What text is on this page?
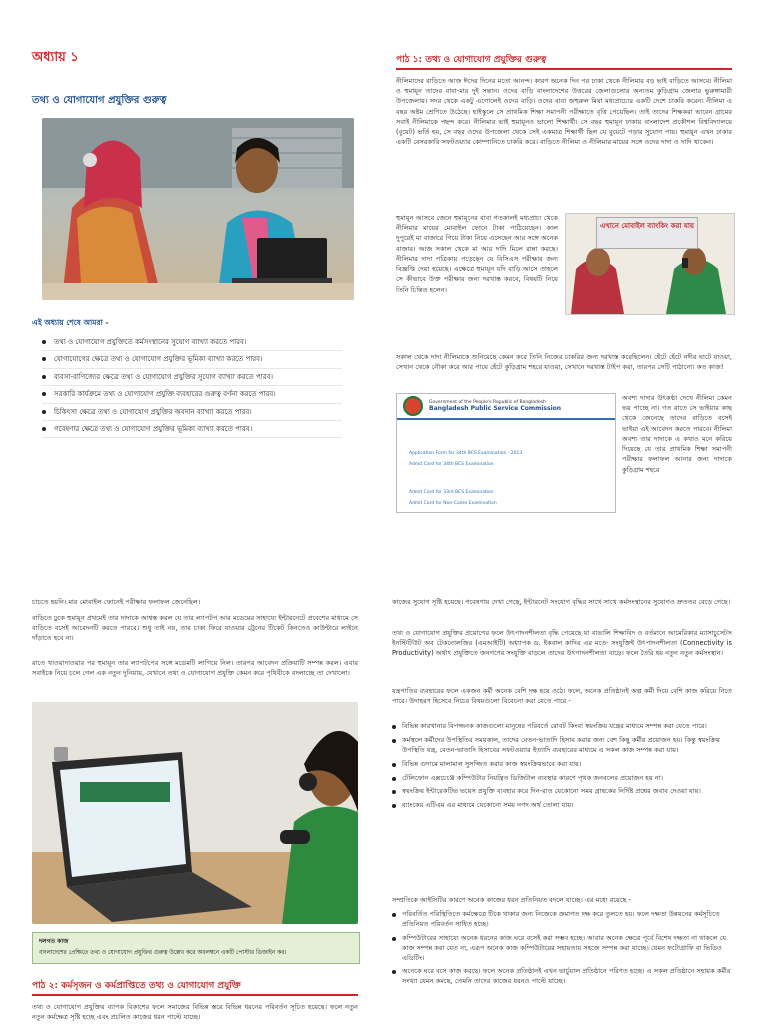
অধ্যায় ১
তথ্য ও যোগাযোগ প্রযুক্তির গুরুত্ব
এই অধ্যায় শেষে আমরা -
তথ্য ও যোগাযোগ প্রযুক্তিতে কর্মসংস্থানের সুযোগ ব্যাখ্যা করতে পারব।
যোগাযোগের ক্ষেত্রে তথ্য ও যোগাযোগ প্রযুক্তির ভূমিকা ব্যাখ্যা করতে পারব।
ব্যবসা-বাণিজ্যের ক্ষেত্রে তথ্য ও যোগাযোগ প্রযুক্তির সুযোগ ব্যাখ্যা করতে পারব।
সরকারি কার্যক্রমে তথ্য ও যোগাযোগ প্রযুক্তি ব্যবহারের গুরুত্ব বর্ণনা করতে পারব।
চিকিৎসা ক্ষেত্রে তথ্য ও যোগাযোগ প্রযুক্তির অবদান ব্যাখ্যা করতে পারব।
গবেষণার ক্ষেত্রে তথ্য ও যোগাযোগ প্রযুক্তির ভূমিকা ব্যাখ্যা করতে পারব।
পাঠ ১: তথ্য ও যোগাযোগ প্রযুক্তির গুরুত্ব

নীলিমাদের বাড়িতে আজ ঈদের দিনের মতো আনন্দ। কারণ অনেক দিন পর ঢাকা থেকে নীলিমার বড় ভাই বাড়িতে আসবে। নীলিমা ও হুমায়ূন তাদের বাবা-মার দুই সন্তান। ওদের বাড়ি বাংলাদেশের উত্তরের জেলাগুলোর অন্যতম কুড়িগ্রাম জেলার ভুরুঙ্গামারী উপজেলায়। সদর থেকে একটু এগোলেই ওদের বাড়ি। ওদের বাবা জহুরুল মিয়া মধ্যপ্রাচ্যের একটি দেশে চাকরি করেন। নীলিমা এ বছর অষ্টম শ্রেণিতে উঠেছে। হাইস্কুলে সে প্রাথমিক শিক্ষা সমাপনী পরীক্ষাতে বৃত্তি পেয়েছিল। তাই তাদের শিক্ষকরা ভাবেন গ্রামের সবাই নীলিমাকে পছন্দ করে। নীলিমার ভাই হুমায়ূনও ভালো শিক্ষার্থী। সে বছর হুমায়ূন ঢাকায় বাংলাদেশ প্রকৌশল বিশ্ববিদ্যালয়ে (বুয়েট) ভর্তি হয়, সে বছর ওদের উপজেলা থেকে সেই একমাত্র শিক্ষার্থী ছিল যে বুয়েটে পড়ার সুযোগ পায়। হুমায়ূন এখন ঢাকার একটি বেসরকারি সফটওয়্যার কোম্পানিতে চাকরি করে। বাড়িতে নীলিমা ও নীলিমার মায়ের সঙ্গে ওদের দাদা ও দাদি থাকেন।

হুমায়ূন আসবে জেনে হুমায়ূনের বাবা গতকালই মধ্যপ্রাচ্য থেকে নীলিমার মায়ের মোবাইল ফোনে টাকা পাঠিয়েছেন। কাল দুপুরেই মা বাজারে গিয়ে টাকা নিয়ে এসেছেন আর সঙ্গে অনেক বাজার। আজ সকাল থেকে মা আর দাদি মিলে রান্না করছে। নীলিমার দাদা পত্রিকায় পড়েছেন যে বিসিএস পরীক্ষার জন্য বিজ্ঞপ্তি দেয়া হয়েছে। এক্ষেত্রে হুমায়ূন যদি বাড়ি আসে তাহলে সে কীভাবে উক্ত পরীক্ষার জন্য দরখাস্ত করবে, বিষয়টি নিয়ে তিনি চিন্তিত হলেন।

এখানে মোবাইল ব্যাংকিং করা যায়

সকাল থেকে দাদা নীলিমাকে শুনিয়েছে কেমন করে তিনি নিজের চাকরির জন্য দরখাস্ত করেছিলেন। হেঁটে হেঁটে নদীর ঘাটে যাওয়া, সেখান থেকে নৌকা করে আর পায়ে হেঁটে কুড়িগ্রাম শহরে যাওয়া, সেখানে দরখাস্ত টাইপ করা, তারপর সেটি পাঠানো। কত কাজ!

Government of the People's Republic of Bangladesh
Bangladesh Public Service Commission
Application Form for 34th BCS Examination - 2013
Admit Card for 34th BCS Examination
Admit Card for 33rd BCS Examination
Admit Card for Non-Cadre Examination

অবশ্য দাদার উৎকণ্ঠা দেখে নীলিমা কেমন ভয় পাচ্ছে না। গত রাতে সে ভাইয়ার কাছ থেকে জেনেছে তাদের বাড়িতে বসেই ভাইয়া এই আবেদন করতে পারবে। নীলিমা অবশ্য তার দাদাকে এ কথাও মনে করিয়ে দিয়েছে যে তার প্রাথমিক শিক্ষা সমাপনী পরীক্ষার ফলাফল আনার জন্য দাদাকে কুড়িগ্রাম শহরে

চাচতে হয়নি। মার মোবাইল ফোনেই পরীক্ষার ফলাফল জেনেছিল।

বাড়িতে ঢুকে হুমায়ূন প্রথমেই তার দাদাকে আশ্বস্ত করল যে তার ল্যাপটপ আর মডেমের সাহায্যে ইন্টারনেটে প্রবেশের মাধ্যমে সে বাড়িতে বসেই আবেদনটি করতে পারবে। শুধু তাই নয়, তার চাকা ফিরে যাওয়ার ট্রেনের টিকেট কিনতেও কাউন্টারে লাইনে দাঁড়াতে হবে না।

রাতে খাওয়াদাওয়ার পর হুমায়ূন তার ল্যাপটপের সঙ্গে মডেমটি লাগিয়ে নিল। তারপর আবেদন প্রক্রিয়াটি সম্পন্ন করল। এবার সবাইকে নিয়ে চলে গেল এক নতুন দুনিয়ায়, যেখানে তথ্য ও যোগাযোগ প্রযুক্তি কেমন করে পৃথিবীকে বদলাচ্ছে তা দেখালো।

দলগত কাজ
বাংলাদেশের প্রেক্ষিতে তথ্য ও যোগাযোগ প্রযুক্তির গুরুত্ব উল্লেখ করে অবলম্বনে একটি পোস্টার ডিজাইন কর।
পাঠ ২: কর্মসৃজন ও কর্মপ্রাপ্তিতে তথ্য ও যোগাযোগ প্রযুক্তি

তথ্য ও যোগাযোগ প্রযুক্তির ব্যাপক বিকাশের ফলে সমাজের বিভিন্ন স্তরে বিভিন্ন ধরনের পরিবর্তন সূচিত হয়েছে। ফলে নতুন নতুন কর্মক্ষেত্র সৃষ্টি হচ্ছে এবং প্রচলিত কাজের ধরন পাল্টে যাচ্ছে।

কাজের সুযোগ সৃষ্টি হয়েছে। গবেষণায় দেখা গেছে, ইন্টারনেট সংযোগ বৃদ্ধির সাথে সাথে কর্মসংস্থানের সুযোগও দ্রুততর বেড়ে গেছে।

তথ্য ও যোগাযোগ প্রযুক্তির প্রয়োগের ফলে উৎপাদনশীলতা বৃদ্ধি পেয়েছে যা বাঙালি শিক্ষাবিদ ও বর্তমানে আমেরিকার ম্যাসাচুসেটস ইনস্টিটিউট অব টেকনোলজির (এমআইটি) অধ্যাপক ড. ইকবাল কাদির এর মতে- সংযুক্তিই উৎপাদনশীলতা (Connectivity is Productivity) অর্থাৎ প্রযুক্তিতে জনগণের সংযুক্তি বাড়লে তাদের উৎপাদনশীলতা বাড়ে। ফলে তৈরি হয় নতুন নতুন কর্মসংস্থান।

যন্ত্রপাতির ব্যবহারের ফলে একজন কর্মী অনেক বেশি দক্ষ হয়ে ওঠে। ফলে, অনেক প্রতিষ্ঠানই অল্প কর্মী দিয়ে বেশি কাজ করিয়ে নিতে পারে। উদাহরণ হিসেবে নিচের বিষয়গুলো বিবেচনা করা যেতে পারে -

বিভিন্ন কারখানার বিপজ্জনক কাজগুলো মানুষের পরিবর্তে রোবট কিংবা স্বয়ংক্রিয় যন্ত্রের মাধ্যমে সম্পন্ন করা যেতে পারে।
কর্মস্থলে কর্মীদের উপস্থিতির সময়কাল, তাদের বেতন-ভাতাদি হিসাব করার জন্য বেশ কিছু কর্মীর প্রয়োজন হয়। কিন্তু স্বয়ংক্রিয় উপস্থিতি যন্ত্র, বেতন-ভাতাদি হিসাবের সফটওয়্যার ইত্যাদি ব্যবহারের মাধ্যমে এ সকল কাজ সম্পন্ন করা যায়।
বিভিন্ন গুদামে মালামাল সুসজ্জিত করার কাজ স্বয়ংক্রিয়ভাবে করা যায়।
টেলিফোন এক্সচেঞ্জে কম্পিউটার নিয়ন্ত্রিত ডিজিটাল ব্যবস্থার কারণে পৃথক জনবলের প্রয়োজন হয় না।
স্বয়ংক্রিয় ইন্টারেকটিভ ভয়েস প্রযুক্তি ব্যবহার করে দিন-রাত যেকোনো সময় গ্রাহকের নির্দিষ্ট প্রশ্নের জবাব দেওয়া যায়।
ব্যাংকের এটিএম এর মাধ্যমে যেকোনো সময় নগদ অর্থ তোলা যায়।

সম্প্রতিকে আইসিটির কারণে অনেক কাজের ধরন প্রতিনিয়ত বদলে যাচ্ছে। এর মধ্যে রয়েছে -

পরিবর্তিত পরিস্থিতিতে কর্মক্ষেত্রে টিকে থাকার জন্য নিজেকে ক্রমাগত দক্ষ করে তুলতে হয়। ফলে দক্ষতা উন্নয়নের কর্মসূচিতে প্রতিনিয়ত পরিবর্তন সাধিত হচ্ছে।
কম্পিউটারের সাহায্যে অনেক ধরনের কাজ ঘরে বসেই করা সম্ভব হচ্ছে। আবার অনেক ক্ষেত্রে পূর্বে বিশেষ দক্ষতা না থাকলে যে কাজ সম্পন্ন করা যেত না, এরূপ অনেক কাজ কম্পিউটারের সহায়তায় সহজে সম্পন্ন করা যাচ্ছে। যেমন ফটোগ্রাফি বা ভিডিও এডিটিং।
অনেকে ঘরে বসে কাজ করছে। ফলে অনেক প্রতিষ্ঠানই এখন ভার্চুয়াল প্রতিষ্ঠানে পরিণত হচ্ছে। এ সকল প্রতিষ্ঠানে সহায়ক কর্মীর সংখ্যা যেমন কমছে, তেমনি তাদের কাজের ধরনও পাল্টে যাচ্ছে।
